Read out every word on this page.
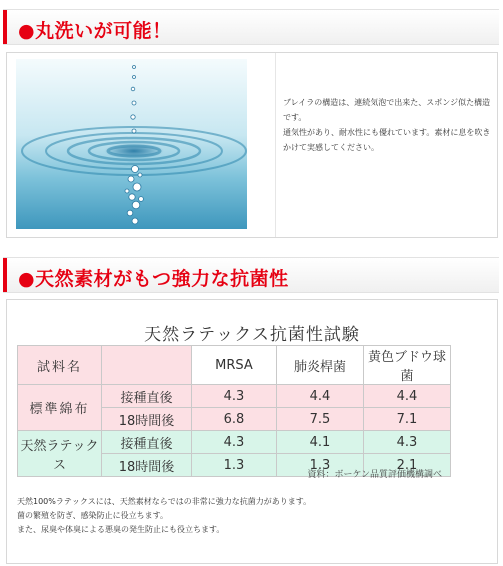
●丸洗いが可能！

ブレイラの構造は、連続気泡で出来た、スポンジ似た構造です。

通気性があり、耐水性にも優れています。素材に息を吹きかけて実感してください。

●天然素材がもつ強力な抗菌性
天然ラテックス抗菌性試験
試料名		MRSA	肺炎桿菌	黄色ブドウ球菌
標準綿布	接種直後	4.3	4.4	4.4
	18時間後	6.8	7.5	7.1
天然ラテックス	接種直後	4.3	4.1	4.3
	18時間後	1.3	1.3	2.1
資料：ボーケン品質評価機構調べ

天然100%ラテックスには、天然素材ならではの非常に強力な抗菌力があります。

菌の繁殖を防ぎ、感染防止に役立ちます。

また、尿臭や体臭による悪臭の発生防止にも役立ちます。
